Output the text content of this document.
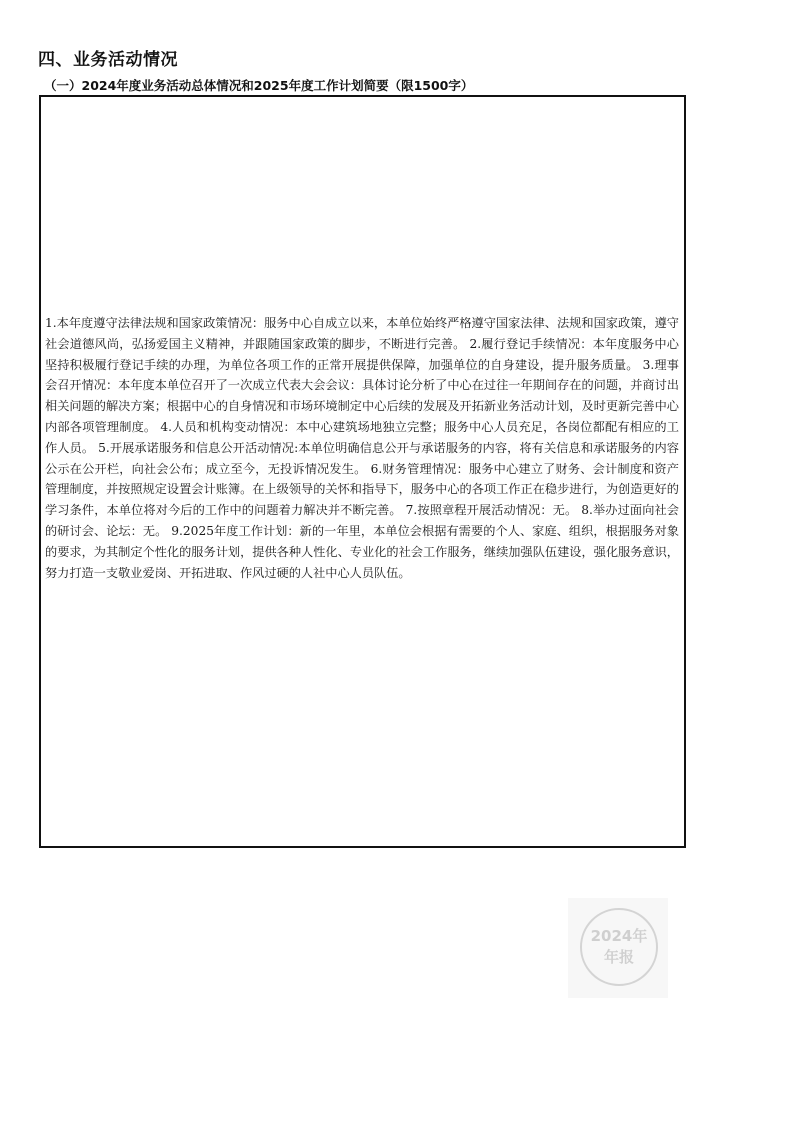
四、业务活动情况
（一）2024年度业务活动总体情况和2025年度工作计划简要（限1500字）

1.本年度遵守法律法规和国家政策情况：服务中心自成立以来，本单位始终严格遵守国家法律、法规和国家政策，遵守社会道德风尚，弘扬爱国主义精神，并跟随国家政策的脚步，不断进行完善。 2.履行登记手续情况：本年度服务中心坚持积极履行登记手续的办理，为单位各项工作的正常开展提供保障，加强单位的自身建设，提升服务质量。 3.理事会召开情况：本年度本单位召开了一次成立代表大会会议：具体讨论分析了中心在过往一年期间存在的问题，并商讨出相关问题的解决方案；根据中心的自身情况和市场环境制定中心后续的发展及开拓新业务活动计划，及时更新完善中心内部各项管理制度。 4.人员和机构变动情况：本中心建筑场地独立完整；服务中心人员充足，各岗位都配有相应的工作人员。 5.开展承诺服务和信息公开活动情况:本单位明确信息公开与承诺服务的内容，将有关信息和承诺服务的内容公示在公开栏，向社会公布；成立至今，无投诉情况发生。 6.财务管理情况：服务中心建立了财务、会计制度和资产管理制度，并按照规定设置会计账簿。在上级领导的关怀和指导下，服务中心的各项工作正在稳步进行，为创造更好的学习条件，本单位将对今后的工作中的问题着力解决并不断完善。 7.按照章程开展活动情况：无。 8.举办过面向社会的研讨会、论坛：无。 9.2025年度工作计划：新的一年里，本单位会根据有需要的个人、家庭、组织，根据服务对象的要求，为其制定个性化的服务计划，提供各种人性化、专业化的社会工作服务，继续加强队伍建设，强化服务意识，努力打造一支敬业爱岗、开拓进取、作风过硬的人社中心人员队伍。

2024年
年报
